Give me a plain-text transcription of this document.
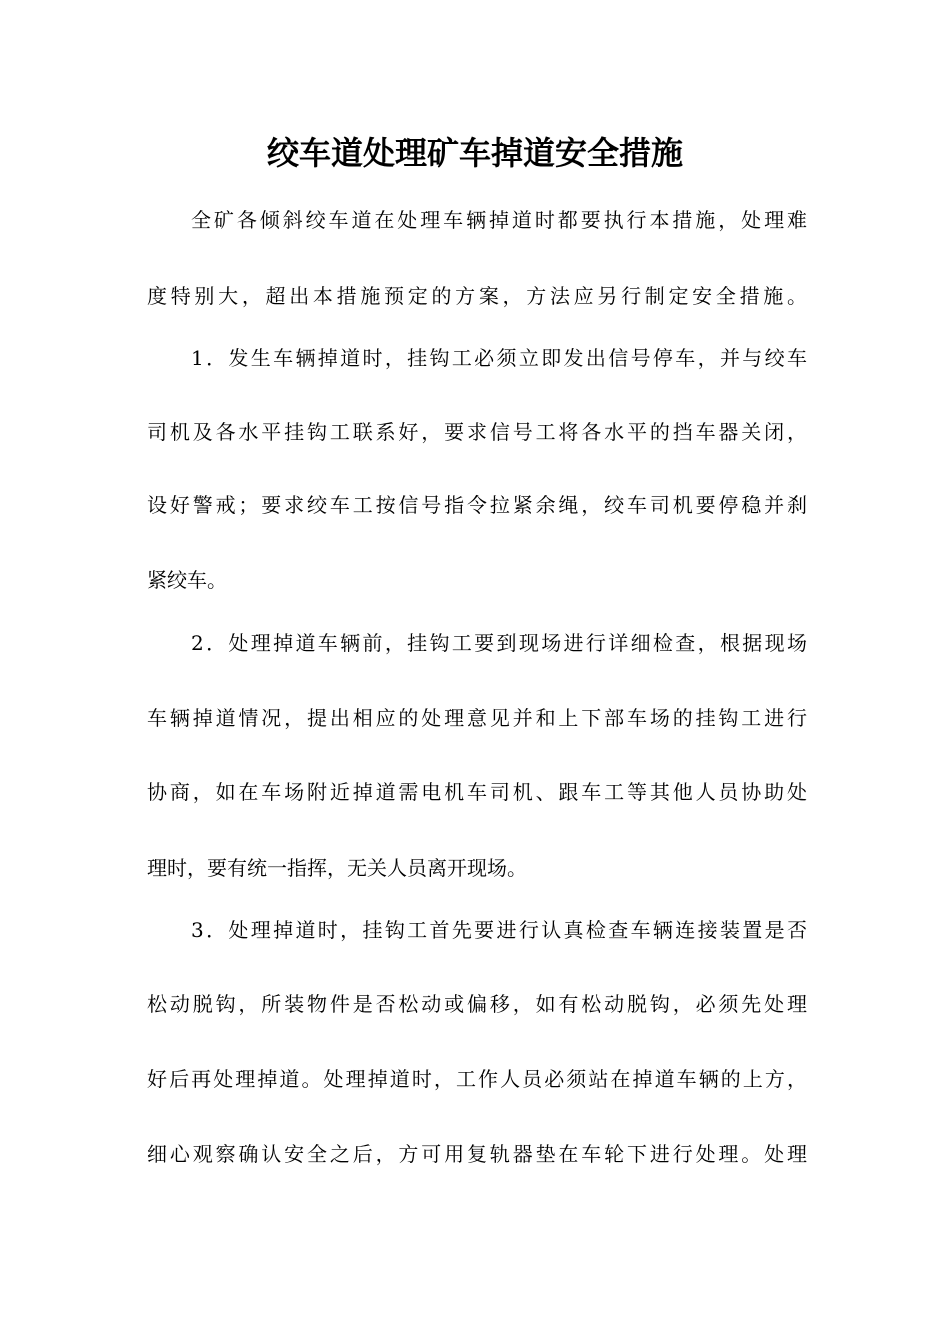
绞车道处理矿车掉道安全措施

全矿各倾斜绞车道在处理车辆掉道时都要执行本措施，处理难

度特别大，超出本措施预定的方案，方法应另行制定安全措施。

1．发生车辆掉道时，挂钩工必须立即发出信号停车，并与绞车

司机及各水平挂钩工联系好，要求信号工将各水平的挡车器关闭，

设好警戒；要求绞车工按信号指令拉紧余绳，绞车司机要停稳并刹

紧绞车。

2．处理掉道车辆前，挂钩工要到现场进行详细检查，根据现场

车辆掉道情况，提出相应的处理意见并和上下部车场的挂钩工进行

协商，如在车场附近掉道需电机车司机、跟车工等其他人员协助处

理时，要有统一指挥，无关人员离开现场。

3．处理掉道时，挂钩工首先要进行认真检查车辆连接装置是否

松动脱钩，所装物件是否松动或偏移，如有松动脱钩，必须先处理

好后再处理掉道。处理掉道时，工作人员必须站在掉道车辆的上方，

细心观察确认安全之后，方可用复轨器垫在车轮下进行处理。处理
